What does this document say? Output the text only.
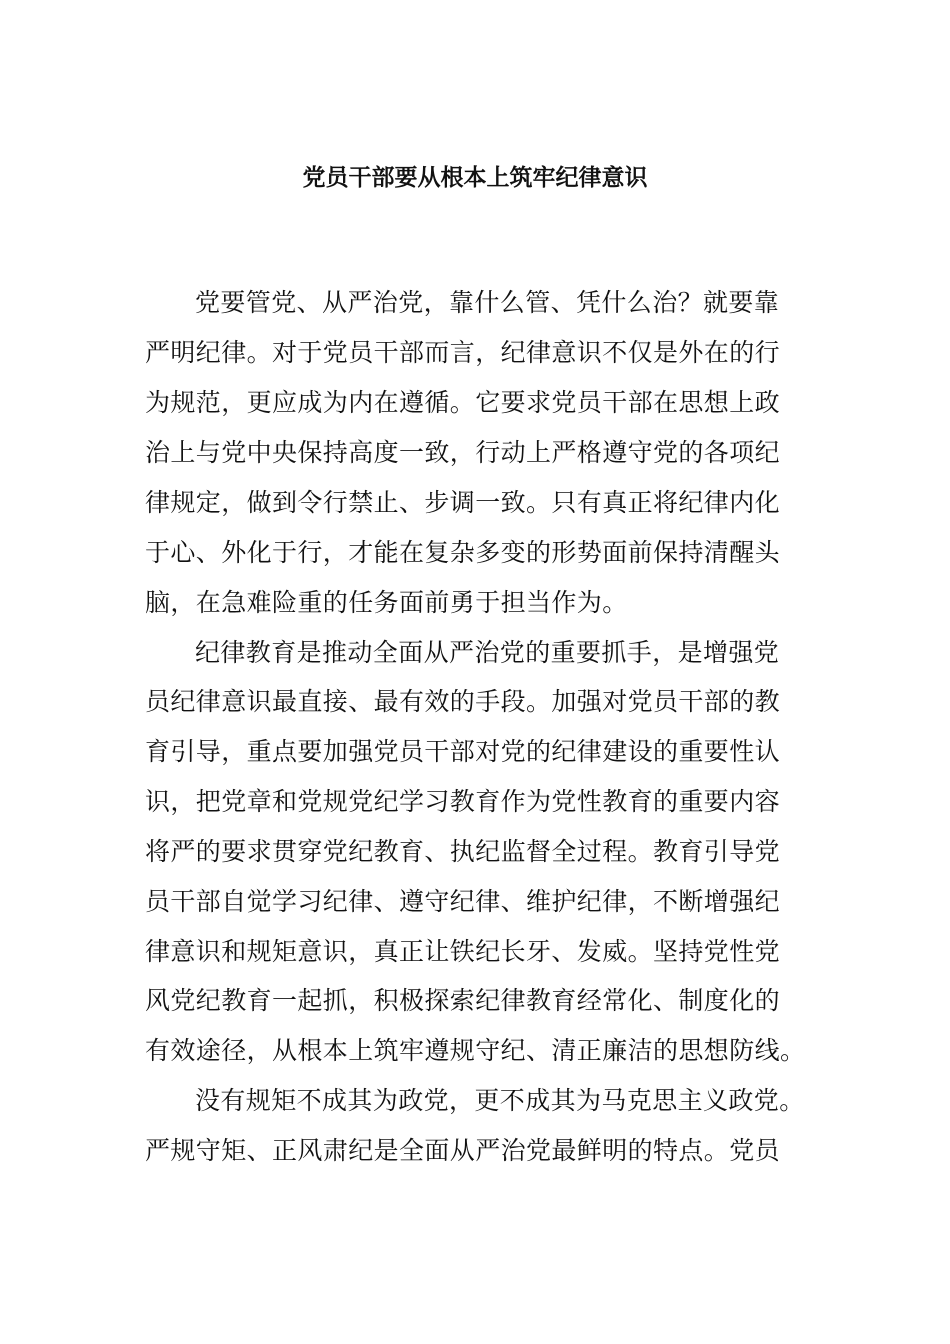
党员干部要从根本上筑牢纪律意识

党要管党、从严治党，靠什么管、凭什么治？就要靠

严明纪律。对于党员干部而言，纪律意识不仅是外在的行

为规范，更应成为内在遵循。它要求党员干部在思想上政

治上与党中央保持高度一致，行动上严格遵守党的各项纪

律规定，做到令行禁止、步调一致。只有真正将纪律内化

于心、外化于行，才能在复杂多变的形势面前保持清醒头

脑，在急难险重的任务面前勇于担当作为。

纪律教育是推动全面从严治党的重要抓手，是增强党

员纪律意识最直接、最有效的手段。加强对党员干部的教

育引导，重点要加强党员干部对党的纪律建设的重要性认

识，把党章和党规党纪学习教育作为党性教育的重要内容

将严的要求贯穿党纪教育、执纪监督全过程。教育引导党

员干部自觉学习纪律、遵守纪律、维护纪律，不断增强纪

律意识和规矩意识，真正让铁纪长牙、发威。坚持党性党

风党纪教育一起抓，积极探索纪律教育经常化、制度化的

有效途径，从根本上筑牢遵规守纪、清正廉洁的思想防线。

没有规矩不成其为政党，更不成其为马克思主义政党。

严规守矩、正风肃纪是全面从严治党最鲜明的特点。党员
